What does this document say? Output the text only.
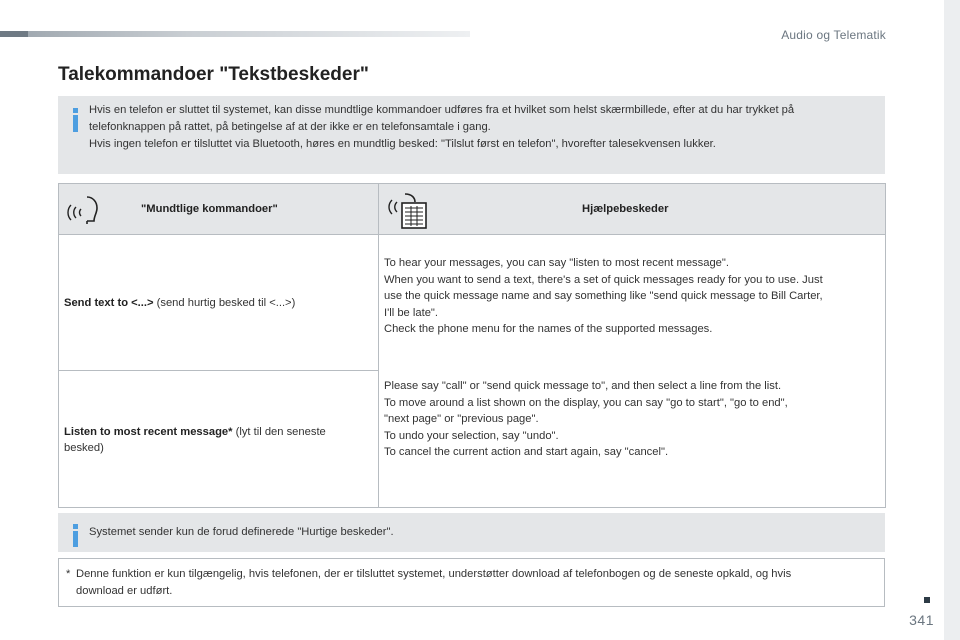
Audio og Telematik
Talekommandoer "Tekstbeskeder"
Hvis en telefon er sluttet til systemet, kan disse mundtlige kommandoer udføres fra et hvilket som helst skærmbillede, efter at du har trykket på
telefonknappen på rattet, på betingelse af at der ikke er en telefonsamtale i gang.
Hvis ingen telefon er tilsluttet via Bluetooth, høres en mundtlig besked: "Tilslut først en telefon", hvorefter talesekvensen lukker.
"Mundtlige kommandoer"	Hjælpebeskeder
Send text to <...> (send hurtig besked til <...>)
Listen to most recent message* (lyt til den seneste besked)
To hear your messages, you can say "listen to most recent message".
When you want to send a text, there's a set of quick messages ready for you to use. Just
use the quick message name and say something like "send quick message to Bill Carter,
I'll be late".
Check the phone menu for the names of the supported messages.
Please say "call" or "send quick message to", and then select a line from the list.
To move around a list shown on the display, you can say "go to start", "go to end",
"next page" or "previous page".
To undo your selection, say "undo".
To cancel the current action and start again, say "cancel".
Systemet sender kun de forud definerede "Hurtige beskeder".
* Denne funktion er kun tilgængelig, hvis telefonen, der er tilsluttet systemet, understøtter download af telefonbogen og de seneste opkald, og hvis
download er udført.
341
